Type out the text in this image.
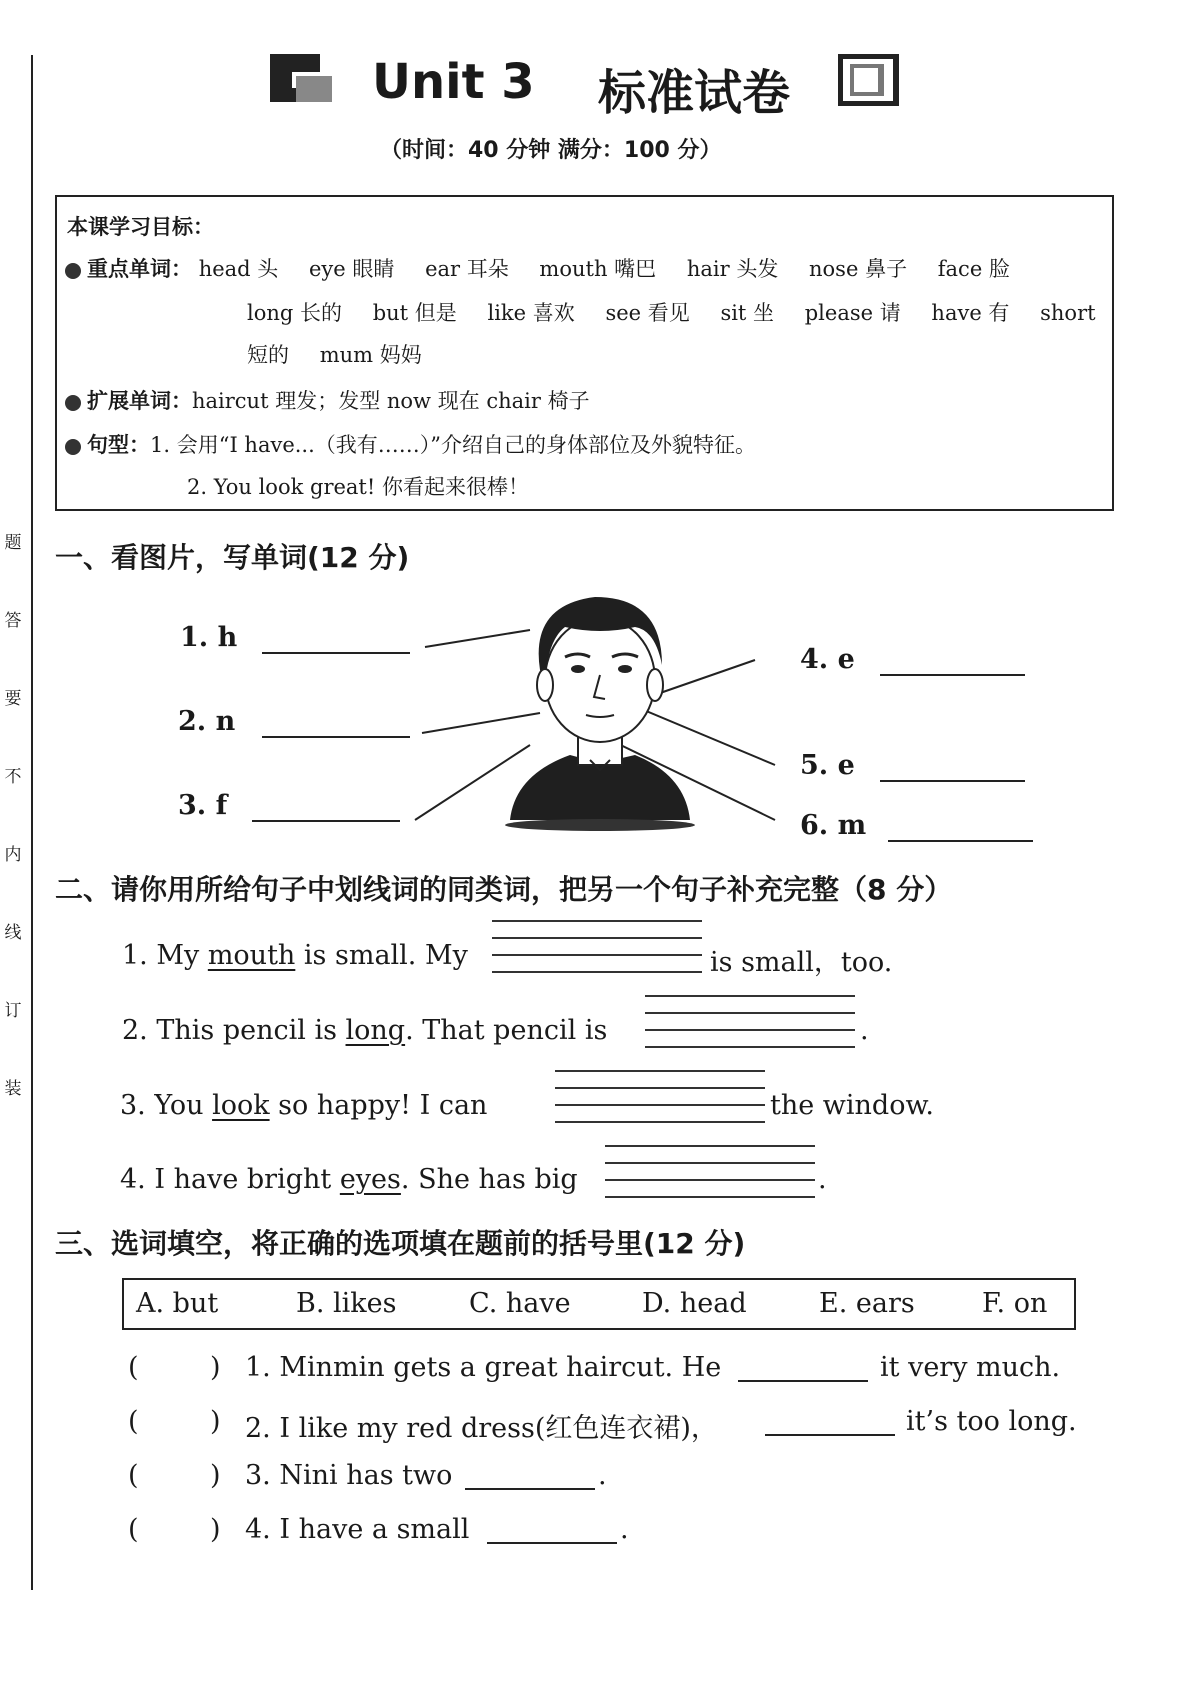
题
答
要
不
内
线
订
装
Unit 3 标准试卷
（时间：40 分钟 满分：100 分）
本课学习目标：
重点单词： head 头 eye 眼睛 ear 耳朵 mouth 嘴巴 hair 头发 nose 鼻子 face 脸
long 长的 but 但是 like 喜欢 see 看见 sit 坐 please 请 have 有 short
短的 mum 妈妈
扩展单词：haircut 理发；发型 now 现在 chair 椅子
句型：1. 会用“I have...（我有……）”介绍自己的身体部位及外貌特征。
2. You look great! 你看起来很棒！
一、看图片，写单词(12 分)
1. h
2. n
3. f
4. e
5. e
6. m
二、请你用所给句子中划线词的同类词，把另一个句子补充完整（8 分）
1. My mouth is small. My	is small，too.
2. This pencil is long. That pencil is	.
3. You look so happy! I can	the window.
4. I have bright eyes. She has big	.
三、选词填空，将正确的选项填在题前的括号里(12 分)
A. but	B. likes	C. have	D. head	E. ears F. on
(	) 1. Minmin gets a great haircut. He	it very much.
(	) 2. I like my red dress(红色连衣裙)，	it’s too long.
(	) 3. Nini has two	.
(	) 4. I have a small	.
